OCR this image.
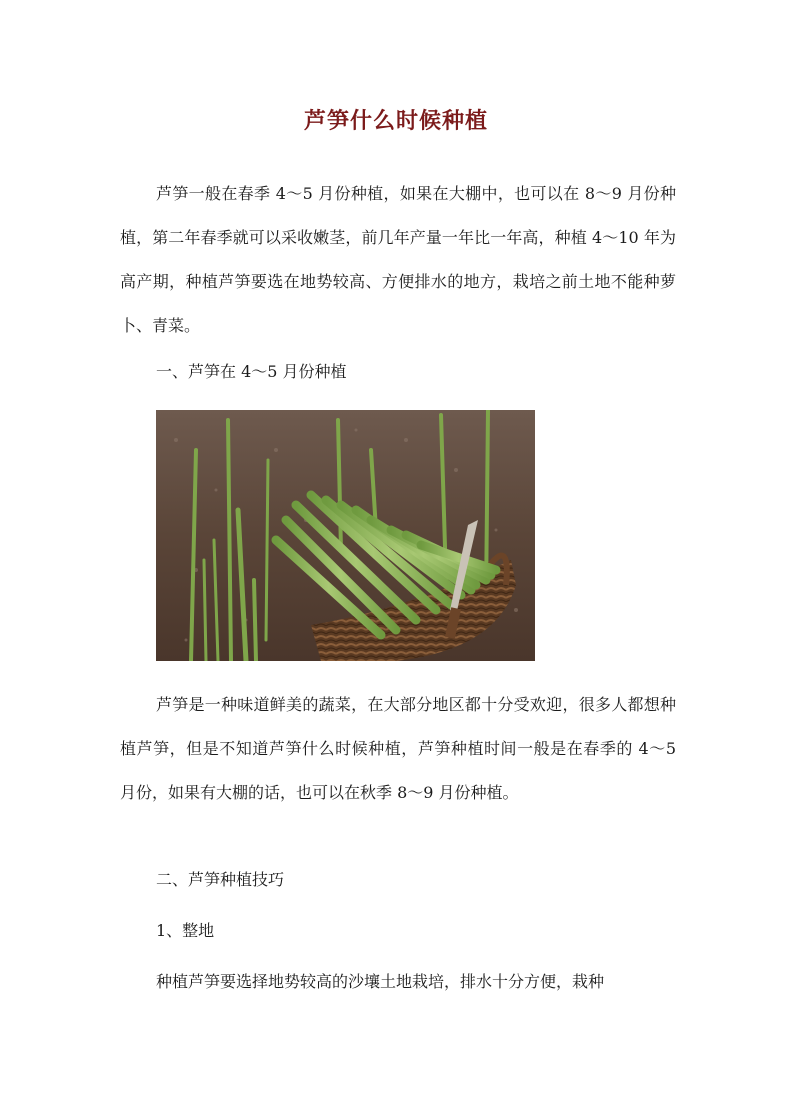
芦笋什么时候种植
芦笋一般在春季 4～5 月份种植，如果在大棚中，也可以在 8～9 月份种植，第二年春季就可以采收嫩茎，前几年产量一年比一年高，种植 4～10 年为高产期，种植芦笋要选在地势较高、方便排水的地方，栽培之前土地不能种萝卜、青菜。
一、芦笋在 4～5 月份种植
芦笋是一种味道鲜美的蔬菜，在大部分地区都十分受欢迎，很多人都想种植芦笋，但是不知道芦笋什么时候种植，芦笋种植时间一般是在春季的 4～5 月份，如果有大棚的话，也可以在秋季 8～9 月份种植。
二、芦笋种植技巧
1、整地
种植芦笋要选择地势较高的沙壤土地栽培，排水十分方便，栽种
